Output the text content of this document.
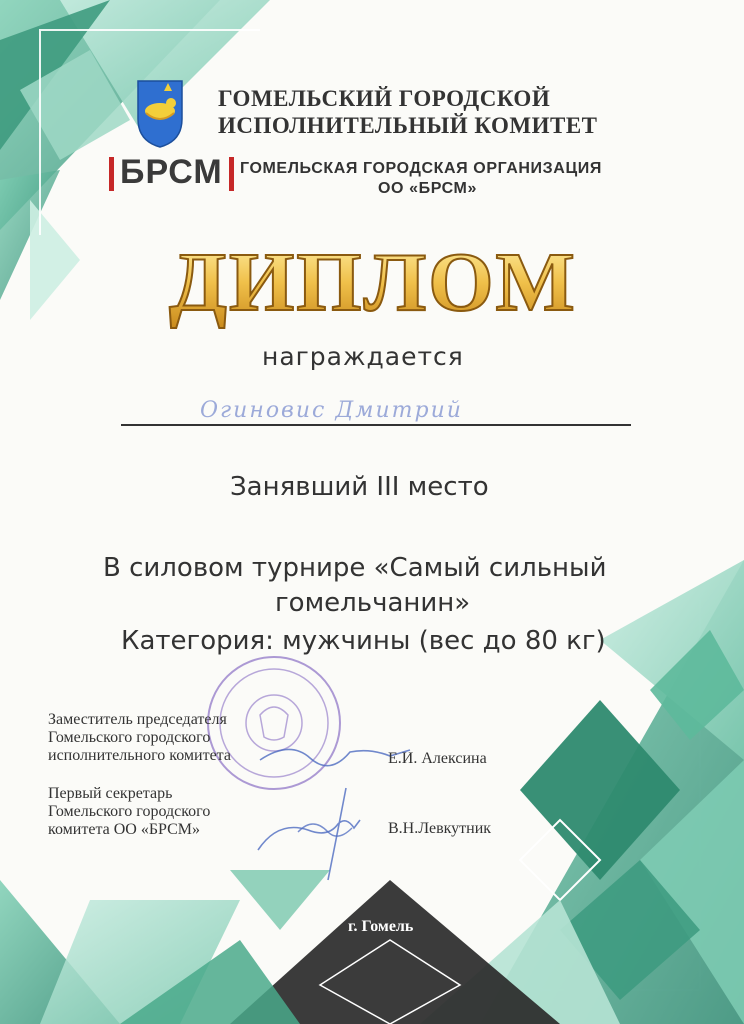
ГОМЕЛЬСКИЙ ГОРОДСКОЙ
ИСПОЛНИТЕЛЬНЫЙ КОМИТЕТ
БРСМ	ГОМЕЛЬСКАЯ ГОРОДСКАЯ ОРГАНИЗАЦИЯ
ОО «БРСМ»
ДИПЛОМ
награждается
Огиновис Дмитрий
Занявший III место
В силовом турнире «Самый сильный
гомельчанин»
Категория: мужчины (вес до 80 кг)
Заместитель председателя
Гомельского городского
исполнительного комитета	Е.И. Алексина
Первый секретарь
Гомельского городского
комитета ОО «БРСМ»	В.Н.Левкутник
г. Гомель
